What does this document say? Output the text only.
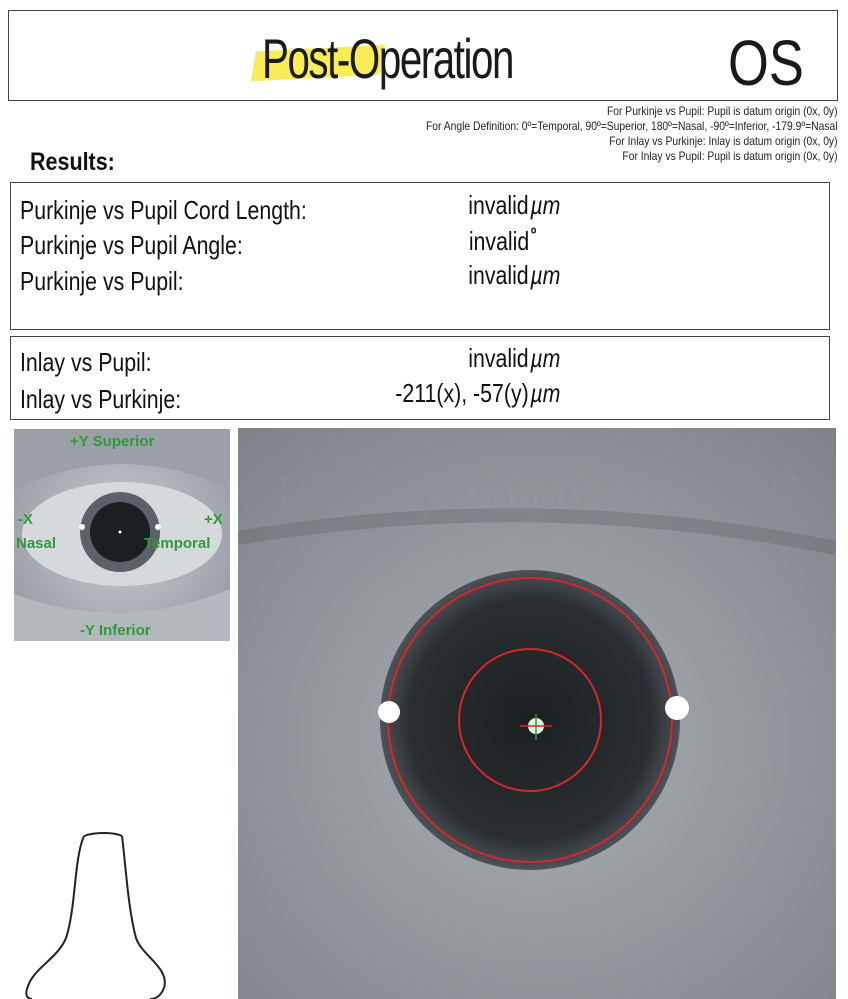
Post-Operation	OS
For Purkinje vs Pupil: Pupil is datum origin (0x, 0y)
For Angle Definition: 0º=Temporal, 90º=Superior, 180º=Nasal, -90º=Inferior, -179.9º=Nasal
For Inlay vs Purkinje: Inlay is datum origin (0x, 0y)
For Inlay vs Pupil: Pupil is datum origin (0x, 0y)
Results:
Purkinje vs Pupil Cord Length:
Purkinje vs Pupil Angle:
Purkinje vs Pupil:
invalidµm
invalid$^º$
invalidµm
Inlay vs Pupil:
Inlay vs Purkinje:
invalidµm
-211(x), -57(y)µm
+Y Superior
-Y Inferior
-X
Nasal
+X
Temporal
Post-Operation	OS
